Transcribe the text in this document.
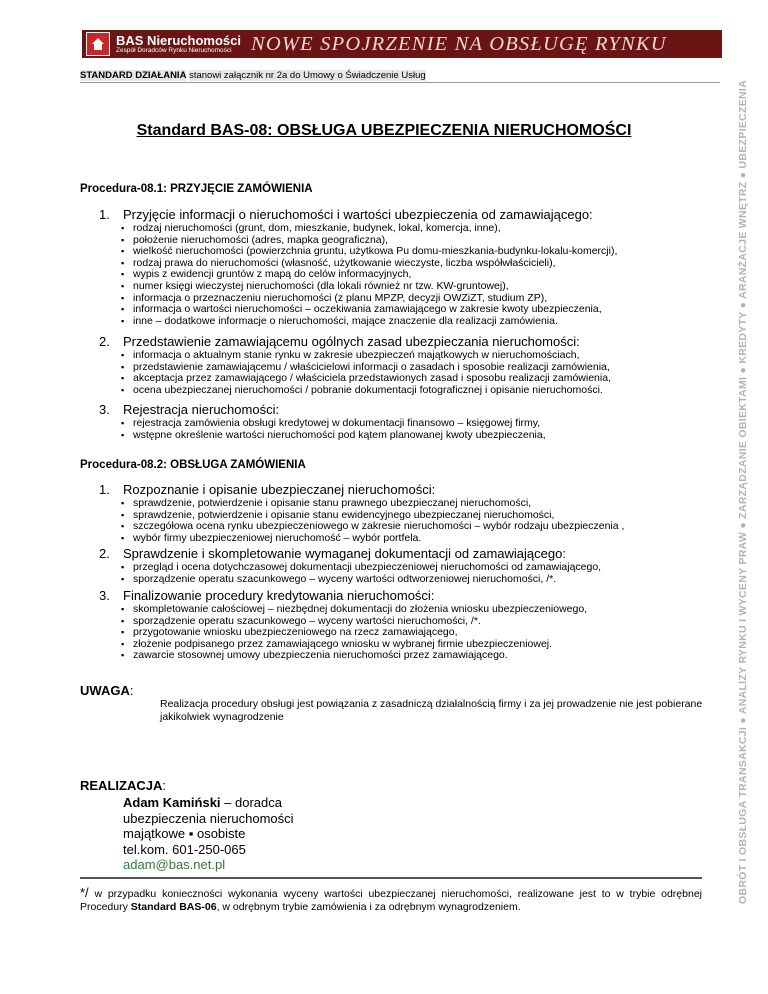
BAS Nieruchomości
Zespół Doradców Rynku Nieruchomości NOWE SPOJRZENIE NA OBSŁUGĘ RYNKU
STANDARD DZIAŁANIA stanowi załącznik nr 2a do Umowy o Świadczenie Usług
OBRÓT I OBSŁUGA TRANSAKCJI ● ANALIZY RYNKU I WYCENY PRAW ● ZARZĄDZANIE OBIEKTAMI ● KREDYTY ● ARANŻACJE WNĘTRZ ● UBEZPIECZENIA
Standard BAS-08: OBSŁUGA UBEZPIECZENIA NIERUCHOMOŚCI

Procedura-08.1: PRZYJĘCIE ZAMÓWIENIA

1. Przyjęcie informacji o nieruchomości i wartości ubezpieczenia od zamawiającego:

▪ rodzaj nieruchomości (grunt, dom, mieszkanie, budynek, lokal, komercja, inne),
▪ położenie nieruchomości (adres, mapka geograficzna),
▪ wielkość nieruchomości (powierzchnia gruntu, użytkowa Pu domu-mieszkania-budynku-lokalu-komercji),
▪ rodzaj prawa do nieruchomości (własność, użytkowanie wieczyste, liczba współwłaścicieli),
▪ wypis z ewidencji gruntów z mapą do celów informacyjnych,
▪ numer księgi wieczystej nieruchomości (dla lokali również nr tzw. KW-gruntowej),
▪ informacja o przeznaczeniu nieruchomości (z planu MPZP, decyzji OWZiZT, studium ZP),
▪ informacja o wartości nieruchomości – oczekiwania zamawiającego w zakresie kwoty ubezpieczenia,
▪ inne – dodatkowe informacje o nieruchomości, mające znaczenie dla realizacji zamówienia.

2. Przedstawienie zamawiającemu ogólnych zasad ubezpieczania nieruchomości:

▪ informacja o aktualnym stanie rynku w zakresie ubezpieczeń majątkowych w nieruchomościach,
▪ przedstawienie zamawiającemu / właścicielowi informacji o zasadach i sposobie realizacji zamówienia,
▪ akceptacja przez zamawiającego / właściciela przedstawionych zasad i sposobu realizacji zamówienia,
▪ ocena ubezpieczanej nieruchomości / pobranie dokumentacji fotograficznej i opisanie nieruchomości.

3. Rejestracja nieruchomości:

▪ rejestracja zamówienia obsługi kredytowej w dokumentacji finansowo – księgowej firmy,
▪ wstępne określenie wartości nieruchomości pod kątem planowanej kwoty ubezpieczenia,

Procedura-08.2: OBSŁUGA ZAMÓWIENIA

1. Rozpoznanie i opisanie ubezpieczanej nieruchomości:

▪ sprawdzenie, potwierdzenie i opisanie stanu prawnego ubezpieczanej nieruchomości,
▪ sprawdzenie, potwierdzenie i opisanie stanu ewidencyjnego ubezpieczanej nieruchomości,
▪ szczegółowa ocena rynku ubezpieczeniowego w zakresie nieruchomości – wybór rodzaju ubezpieczenia ,
▪ wybór firmy ubezpieczeniowej nieruchomość – wybór portfela.

2. Sprawdzenie i skompletowanie wymaganej dokumentacji od zamawiającego:

▪ przegląd i ocena dotychczasowej dokumentacji ubezpieczeniowej nieruchomości od zamawiającego,
▪ sporządzenie operatu szacunkowego – wyceny wartości odtworzeniowej nieruchomości, /*.

3. Finalizowanie procedury kredytowania nieruchomości:

▪ skompletowanie całościowej – niezbędnej dokumentacji do złożenia wniosku ubezpieczeniowego,
▪ sporządzenie operatu szacunkowego – wyceny wartości nieruchomości, /*.
▪ przygotowanie wniosku ubezpieczeniowego na rzecz zamawiającego,
▪ złożenie podpisanego przez zamawiającego wniosku w wybranej firmie ubezpieczeniowej.
▪ zawarcie stosownej umowy ubezpieczenia nieruchomości przez zamawiającego.

UWAGA:

Realizacja procedury obsługi jest powiązania z zasadniczą działalnością firmy i za jej prowadzenie nie jest pobierane jakikolwiek wynagrodzenie

REALIZACJA:

Adam Kamiński – doradca
ubezpieczenia nieruchomości
majątkowe ▪ osobiste
tel.kom. 601-250-065
adam@bas.net.pl

*/ w przypadku konieczności wykonania wyceny wartości ubezpieczanej nieruchomości, realizowane jest to w trybie odrębnej Procedury Standard BAS-06, w odrębnym trybie zamówienia i za odrębnym wynagrodzeniem.
